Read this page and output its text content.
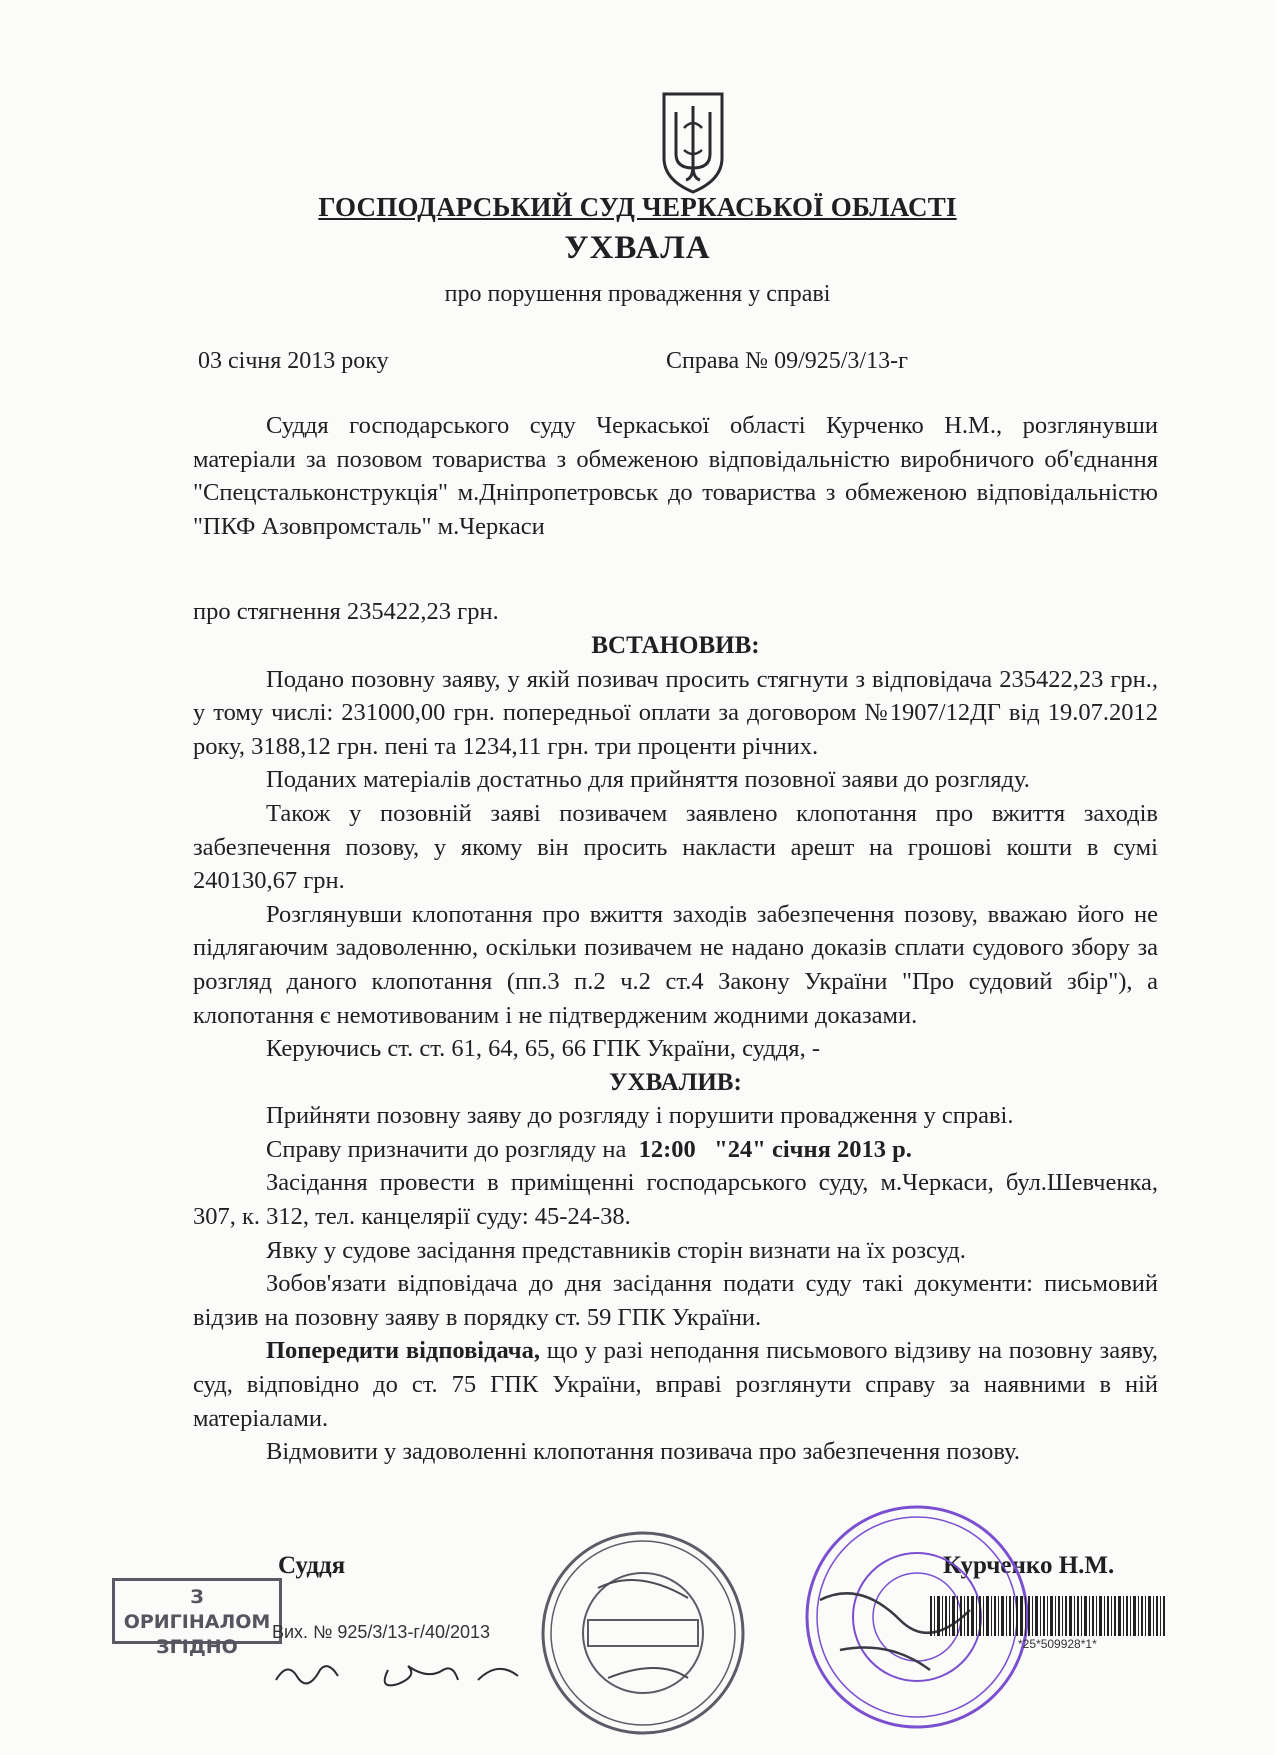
ГОСПОДАРСЬКИЙ СУД ЧЕРКАСЬКОЇ ОБЛАСТІ
УХВАЛА
про порушення провадження у справі
03 січня 2013 року	Справа № 09/925/3/13-г

Суддя господарського суду Черкаської області Курченко Н.М., розглянувши матеріали за позовом товариства з обмеженою відповідальністю виробничого об'єднання "Спецстальконструкція" м.Дніпропетровськ до товариства з обмеженою відповідальністю "ПКФ Азовпромсталь" м.Черкаси

про стягнення 235422,23 грн.

ВСТАНОВИВ:

Подано позовну заяву, у якій позивач просить стягнути з відповідача 235422,23 грн., у тому числі: 231000,00 грн. попередньої оплати за договором №1907/12ДГ від 19.07.2012 року, 3188,12 грн. пені та 1234,11 грн. три проценти річних.

Поданих матеріалів достатньо для прийняття позовної заяви до розгляду.

Також у позовній заяві позивачем заявлено клопотання про вжиття заходів забезпечення позову, у якому він просить накласти арешт на грошові кошти в сумі 240130,67 грн.

Розглянувши клопотання про вжиття заходів забезпечення позову, вважаю його не підлягаючим задоволенню, оскільки позивачем не надано доказів сплати судового збору за розгляд даного клопотання (пп.3 п.2 ч.2 ст.4 Закону України "Про судовий збір"), а клопотання є немотивованим і не підтвердженим жодними доказами.

Керуючись ст. ст. 61, 64, 65, 66 ГПК України, суддя, -

УХВАЛИВ:

Прийняти позовну заяву до розгляду і порушити провадження у справі.

Справу призначити до розгляду на 12:00 "24" січня 2013 р.

Засідання провести в приміщенні господарського суду, м.Черкаси, бул.Шевченка, 307, к. 312, тел. канцелярії суду: 45-24-38.

Явку у судове засідання представників сторін визнати на їх розсуд.

Зобов'язати відповідача до дня засідання подати суду такі документи: письмовий відзив на позовну заяву в порядку ст. 59 ГПК України.

Попередити відповідача, що у разі неподання письмового відзиву на позовну заяву, суд, відповідно до ст. 75 ГПК України, вправі розглянути справу за наявними в ній матеріалами.

Відмовити у задоволенні клопотання позивача про забезпечення позову.

Суддя	Курченко Н.М.
З ОРИГІНАЛОМ
ЗГІДНО
Вих. № 925/3/13-г/40/2013
*25*509928*1*
